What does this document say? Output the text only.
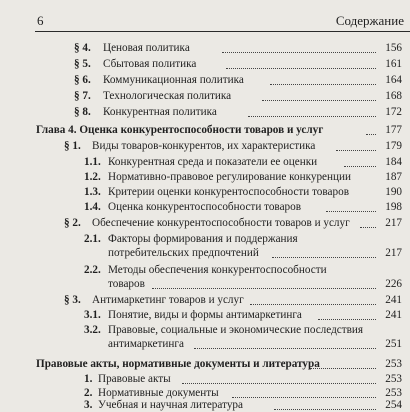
6	Содержание
§ 4. Ценовая политика	156
§ 5. Сбытовая политика	161
§ 6. Коммуникационная политика	164
§ 7. Технологическая политика	168
§ 8. Конкурентная политика	172
Глава 4. Оценка конкурентоспособности товаров и услуг	177
§ 1. Виды товаров-конкурентов, их характеристика	179
1.1. Конкурентная среда и показатели ее оценки	184
1.2. Нормативно-правовое регулирование конкуренции	187
1.3. Критерии оценки конкурентоспособности товаров	190
1.4. Оценка конкурентоспособности товаров	198
§ 2. Обеспечение конкурентоспособности товаров и услуг	217
2.1. Факторы формирования и поддержания
потребительских предпочтений	217
2.2. Методы обеспечения конкурентоспособности
товаров	226
§ 3. Антимаркетинг товаров и услуг	241
3.1. Понятие, виды и формы антимаркетинга	241
3.2. Правовые, социальные и экономические последствия
антимаркетинга	251
Правовые акты, нормативные документы и литература	253
1. Правовые акты	253
2. Нормативные документы	253
3. Учебная и научная литература	254
